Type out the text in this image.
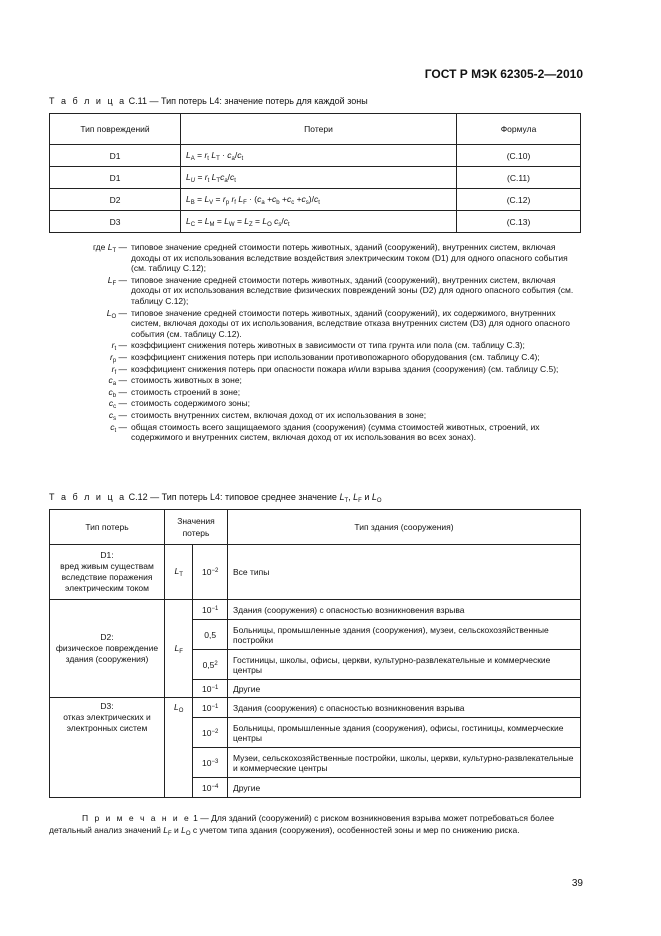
ГОСТ Р МЭК 62305-2—2010
Т а б л и ц а С.11 — Тип потерь L4: значение потерь для каждой зоны
Тип повреждений	Потери	Формула
D1	$L_A = r_t$ $L_T \cdot c_a/c_t$	(С.10)
D1	$L_U = r_t$ $L_Tc_a/c_t$	(С.11)
D2	$L_B = L_V = r_p$ $r_f$ $L_F \cdot (c_a +c_b +c_c +c_s)/c_t$	(С.12)
D3	$L_C = L_M = L_W = L_Z = L_O$ $c_s/c_t$	(С.13)
где $L_T$ — типовое значение средней стоимости потерь животных, зданий (сооружений), внутренних систем, включая доходы от их использования вследствие воздействия электрическим током (D1) для одного опасного события (см. таблицу С.12);
$L_F$ — типовое значение средней стоимости потерь животных, зданий (сооружений), внутренних систем, включая доходы от их использования вследствие физических повреждений зоны (D2) для одного опасного события (см. таблицу С.12);
$L_O$ — типовое значение средней стоимости потерь животных, зданий (сооружений), их содержимого, внутренних систем, включая доходы от их использования, вследствие отказа внутренних систем (D3) для одного опасного события (см. таблицу С.12).
$r_t$ — коэффициент снижения потерь животных в зависимости от типа грунта или пола (см. таблицу С.3);
$r_p$ — коэффициент снижения потерь при использовании противопожарного оборудования (см. таблицу С.4);
$r_f$ — коэффициент снижения потерь при опасности пожара и/или взрыва здания (сооружения) (см. таблицу С.5);
$c_a$ — стоимость животных в зоне;
$c_b$ — стоимость строений в зоне;
$c_c$ — стоимость содержимого зоны;
$c_s$ — стоимость внутренних систем, включая доход от их использования в зоне;
$c_t$ — общая стоимость всего защищаемого здания (сооружения) (сумма стоимостей животных, строений, их содержимого и внутренних систем, включая доход от их использования во всех зонах).
Т а б л и ц а С.12 — Тип потерь L4: типовое среднее значение $L_T$, $L_F$ и $L_O$
Тип потерь	Значения потерь		Тип здания (сооружения)
D1:
вред живым существам вследствие поражения электрическим током	$L_T$	$10^{-2}$	Все типы
D2:
физическое повреждение здания (сооружения)	$L_F$	$10^{-1}$	Здания (сооружения) с опасностью возникновения взрыва
		0,5	Больницы, промышленные здания (сооружения), музеи, сельскохозяйственные постройки
		$0,5^2$	Гостиницы, школы, офисы, церкви, культурно-развлекательные и коммерческие центры
		$10^{-1}$	Другие
D3:
отказ электрических и электронных систем	$L_O$	$10^{-1}$	Здания (сооружения) с опасностью возникновения взрыва
		$10^{-2}$	Больницы, промышленные здания (сооружения), офисы, гостиницы, коммерческие центры
		$10^{-3}$	Музеи, сельскохозяйственные постройки, школы, церкви, культурно-развлекательные и коммерческие центры
		$10^{-4}$	Другие
П р и м е ч а н и е 1 — Для зданий (сооружений) с риском возникновения взрыва может потребоваться более детальный анализ значений $L_F$ и $L_O$ с учетом типа здания (сооружения), особенностей зоны и мер по снижению риска.
39
